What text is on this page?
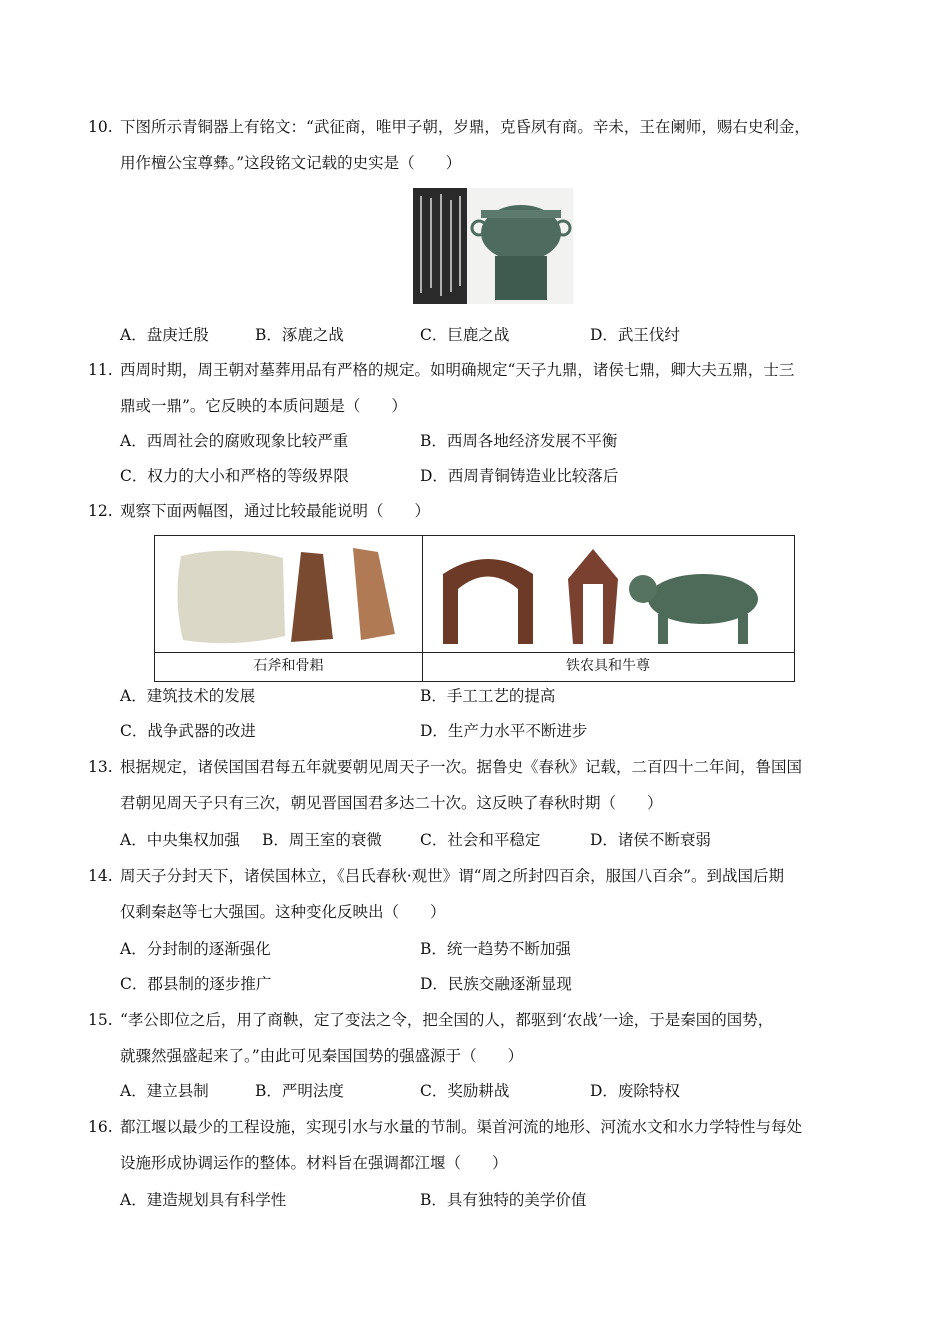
10. 下图所示青铜器上有铭文：“武征商，唯甲子朝，岁鼎，克昏夙有商。辛未，王在阑师，赐右史利金，
用作檀公宝尊彝。”这段铭文记载的史实是（　　）
A．盘庚迁殷	B．涿鹿之战	C．巨鹿之战	D．武王伐纣
11. 西周时期，周王朝对墓葬用品有严格的规定。如明确规定“天子九鼎，诸侯七鼎，卿大夫五鼎，士三
鼎或一鼎”。它反映的本质问题是（　　）
A．西周社会的腐败现象比较严重	B．西周各地经济发展不平衡
C．权力的大小和严格的等级界限	D．西周青铜铸造业比较落后
12. 观察下面两幅图，通过比较最能说明（　　）
石斧和骨耜	铁农具和牛尊
A．建筑技术的发展	B．手工工艺的提高
C．战争武器的改进	D．生产力水平不断进步
13. 根据规定，诸侯国国君每五年就要朝见周天子一次。据鲁史《春秋》记载，二百四十二年间，鲁国国
君朝见周天子只有三次，朝见晋国国君多达二十次。这反映了春秋时期（　　）
A．中央集权加强 B．周王室的衰微 C．社会和平稳定	D．诸侯不断衰弱
14. 周天子分封天下，诸侯国林立，《吕氏春秋·观世》谓“周之所封四百余，服国八百余”。到战国后期
仅剩秦赵等七大强国。这种变化反映出（　　）
A．分封制的逐渐强化	B．统一趋势不断加强
C．郡县制的逐步推广	D．民族交融逐渐显现
15. “孝公即位之后，用了商鞅，定了变法之令，把全国的人，都驱到‘农战’一途，于是秦国的国势，
就骤然强盛起来了。”由此可见秦国国势的强盛源于（　　）
A．建立县制	B．严明法度	C．奖励耕战	D．废除特权
16. 都江堰以最少的工程设施，实现引水与水量的节制。渠首河流的地形、河流水文和水力学特性与每处
设施形成协调运作的整体。材料旨在强调都江堰（　　）
A．建造规划具有科学性	B．具有独特的美学价值
